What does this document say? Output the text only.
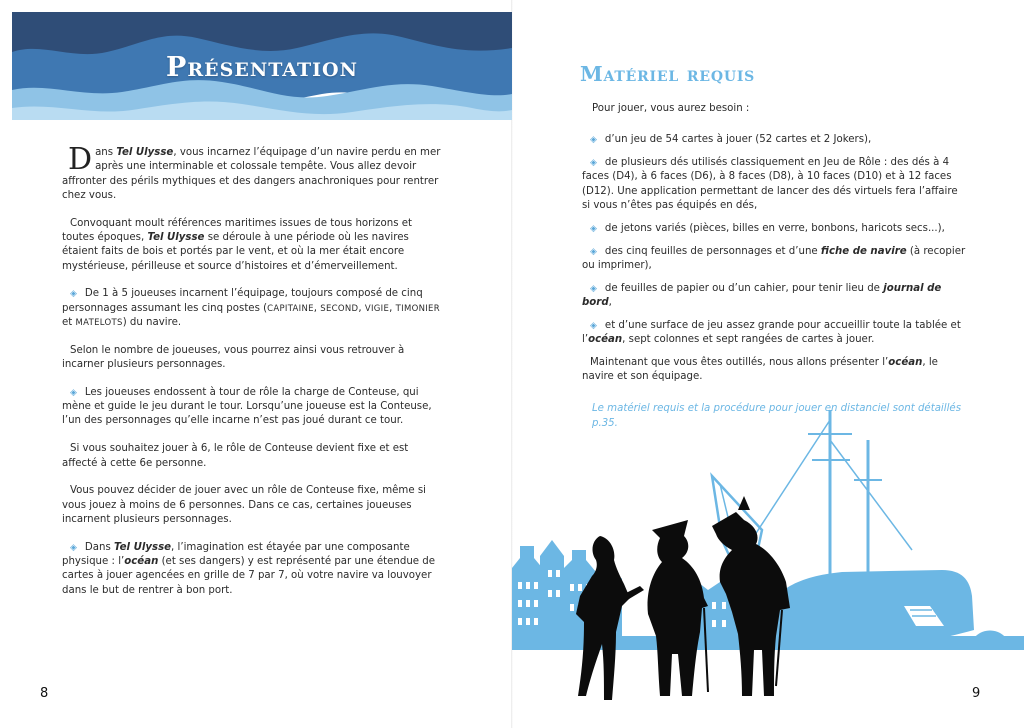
Présentation

Dans Tel Ulysse, vous incarnez l’équipage d’un navire perdu en mer après une interminable et colossale tempête. Vous allez devoir affronter des périls mythiques et des dangers anachroniques pour rentrer chez vous.

Convoquant moult références maritimes issues de tous horizons et toutes époques, Tel Ulysse se déroule à une période où les navires étaient faits de bois et portés par le vent, et où la mer était encore mystérieuse, périlleuse et source d’histoires et d’émerveillement.

◈ De 1 à 5 joueuses incarnent l’équipage, toujours composé de cinq personnages assumant les cinq postes (CAPITAINE, SECOND, VIGIE, TIMONIER et MATELOTS) du navire.

Selon le nombre de joueuses, vous pourrez ainsi vous retrouver à incarner plusieurs personnages.

◈ Les joueuses endossent à tour de rôle la charge de Conteuse, qui mène et guide le jeu durant le tour. Lorsqu’une joueuse est la Conteuse, l’un des personnages qu’elle incarne n’est pas joué durant ce tour.

Si vous souhaitez jouer à 6, le rôle de Conteuse devient fixe et est affecté à cette 6e personne.

Vous pouvez décider de jouer avec un rôle de Conteuse fixe, même si vous jouez à moins de 6 personnes. Dans ce cas, certaines joueuses incarnent plusieurs personnages.

◈ Dans Tel Ulysse, l’imagination est étayée par une composante physique : l’océan (et ses dangers) y est représenté par une étendue de cartes à jouer agencées en grille de 7 par 7, où votre navire va louvoyer dans le but de rentrer à bon port.

8
Matériel requis

Pour jouer, vous aurez besoin :

◈ d’un jeu de 54 cartes à jouer (52 cartes et 2 Jokers),

◈ de plusieurs dés utilisés classiquement en Jeu de Rôle : des dés à 4 faces (D4), à 6 faces (D6), à 8 faces (D8), à 10 faces (D10) et à 12 faces (D12). Une application permettant de lancer des dés virtuels fera l’affaire si vous n’êtes pas équipés en dés,

◈ de jetons variés (pièces, billes en verre, bonbons, haricots secs...),

◈ des cinq feuilles de personnages et d’une fiche de navire (à recopier ou imprimer),

◈ de feuilles de papier ou d’un cahier, pour tenir lieu de journal de bord,

◈ et d’une surface de jeu assez grande pour accueillir toute la tablée et l’océan, sept colonnes et sept rangées de cartes à jouer.

Maintenant que vous êtes outillés, nous allons présenter l’océan, le navire et son équipage.

Le matériel requis et la procédure pour jouer en distanciel sont détaillés p.35.

9
